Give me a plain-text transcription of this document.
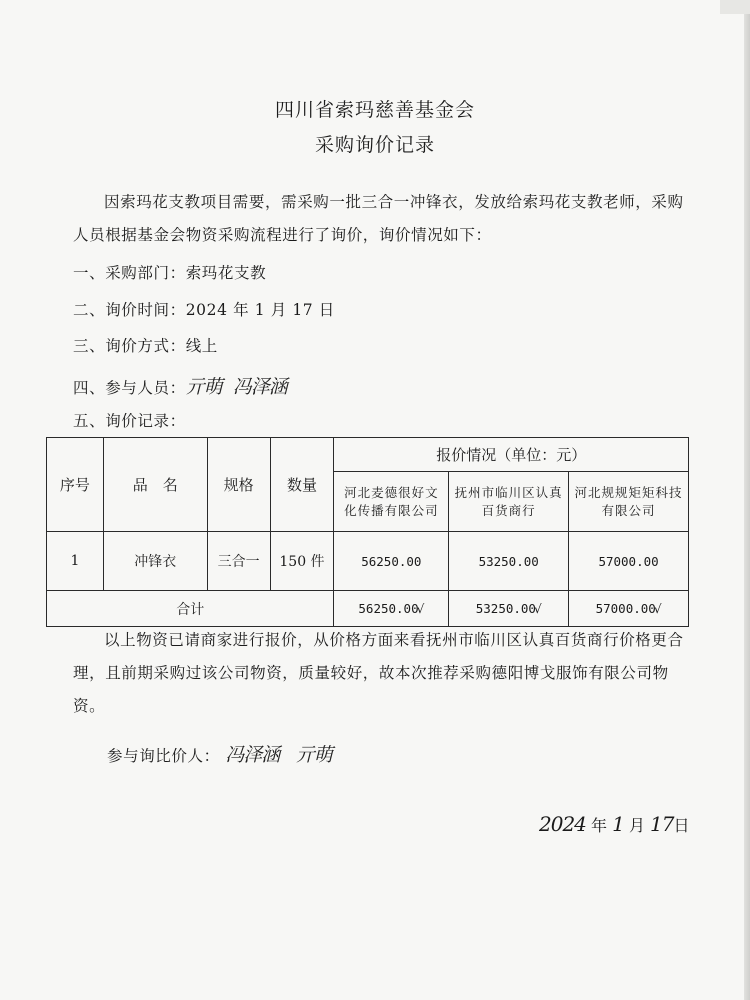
四川省索玛慈善基金会
采购询价记录

因索玛花支教项目需要，需采购一批三合一冲锋衣，发放给索玛花支教老师，采购人员根据基金会物资采购流程进行了询价，询价情况如下：

一、采购部门：索玛花支教
二、询价时间：2024 年 1 月 17 日
三、询价方式：线上
四、参与人员：亓萌 冯泽涵
五、询价记录：
序号	品　名	规格	数量	报价情况（单位：元）		
				河北麦德很好文化传播有限公司	抚州市临川区认真百货商行	河北规规矩矩科技有限公司
1	冲锋衣	三合一	150 件	56250.00	53250.00	57000.00
合计				56250.00√	53250.00√	57000.00√

以上物资已请商家进行报价，从价格方面来看抚州市临川区认真百货商行价格更合理，且前期采购过该公司物资，质量较好，故本次推荐采购德阳博戈服饰有限公司物资。

参与询比价人： 冯泽涵 亓萌
2024 年 1 月 17日
